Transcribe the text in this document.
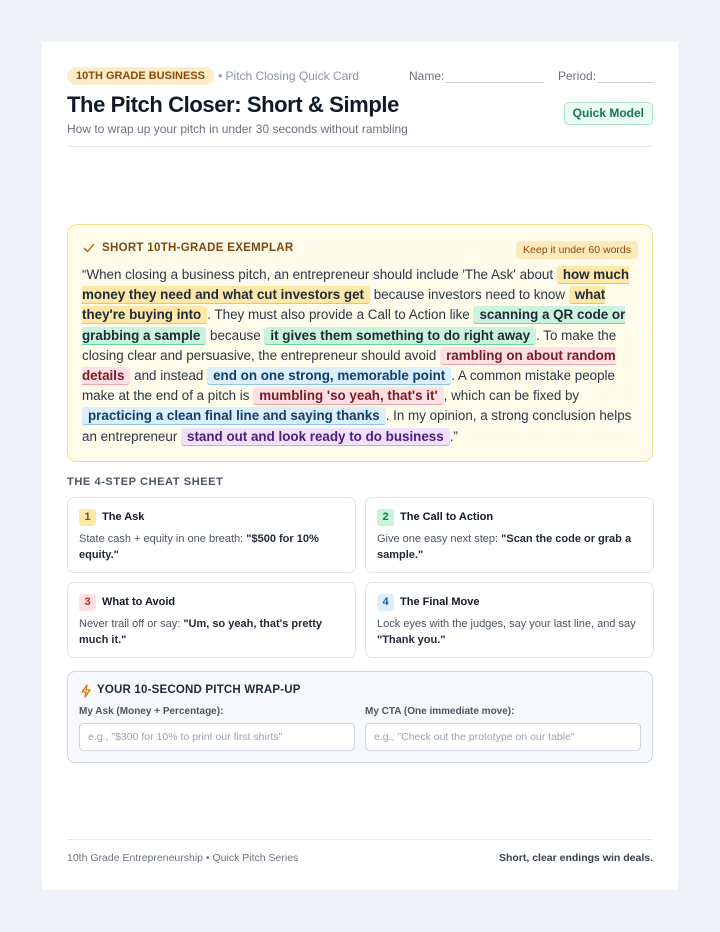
10TH GRADE BUSINESS	• Pitch Closing Quick Card	Name:	Period:
The Pitch Closer: Short & Simple
How to wrap up your pitch in under 30 seconds without rambling
Quick Model
SHORT 10TH-GRADE EXEMPLAR	Keep it under 60 words

“When closing a business pitch, an entrepreneur should include 'The Ask' about how much money they need and what cut investors get because investors need to know what they're buying into . They must also provide a Call to Action like scanning a QR code or grabbing a sample because it gives them something to do right away . To make the closing clear and persuasive, the entrepreneur should avoid rambling on about random details and instead end on one strong, memorable point . A common mistake people make at the end of a pitch is mumbling 'so yeah, that's it' , which can be fixed by practicing a clean final line and saying thanks . In my opinion, a strong conclusion helps an entrepreneur stand out and look ready to do business .”

THE 4-STEP CHEAT SHEET
1	The Ask
State cash + equity in one breath: "$500 for 10% equity."
2	The Call to Action
Give one easy next step: "Scan the code or grab a sample."
3	What to Avoid
Never trail off or say: "Um, so yeah, that's pretty much it."
4	The Final Move
Lock eyes with the judges, say your last line, and say "Thank you."
YOUR 10-SECOND PITCH WRAP-UP
My Ask (Money + Percentage):
e.g., "$300 for 10% to print our first shirts"	My CTA (One immediate move):
e.g., "Check out the prototype on our table"
10th Grade Entrepreneurship • Quick Pitch Series	Short, clear endings win deals.
